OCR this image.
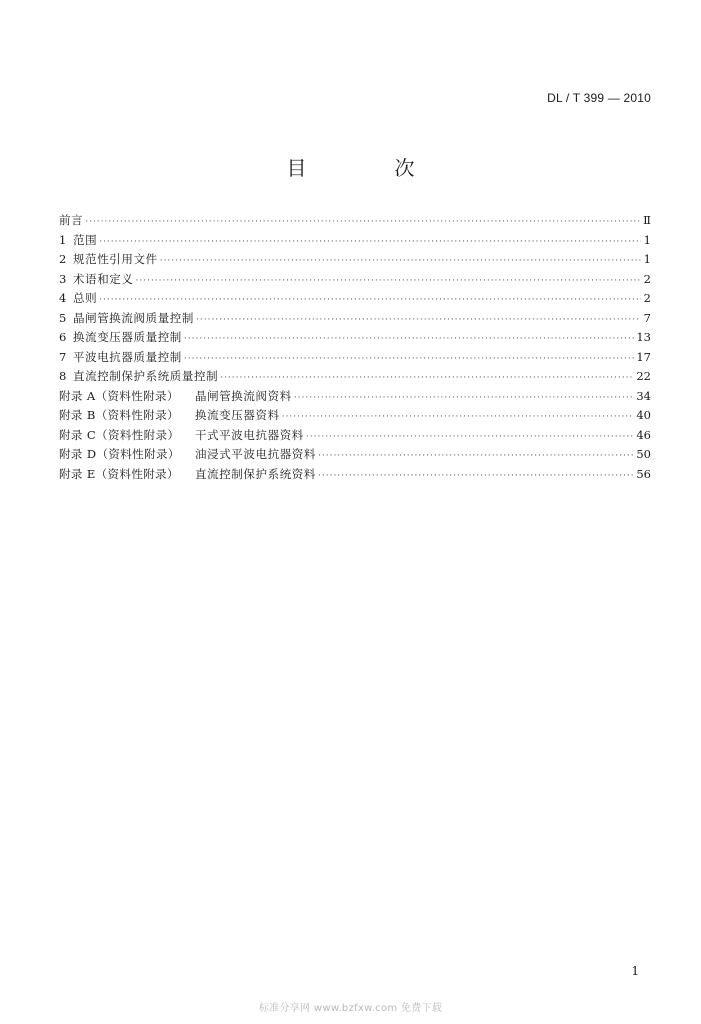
DL / T 399 — 2010
目　次
前言 ·····	Ⅱ
1 范围 ·····	1
2 规范性引用文件 ·····	1
3 术语和定义 ·····	2
4 总则 ·····	2
5 晶闸管换流阀质量控制 ·····	7
6 换流变压器质量控制 ·····	13
7 平波电抗器质量控制 ·····	17
8 直流控制保护系统质量控制 ·····	22
附录 A（资料性附录）	晶闸管换流阀资料 ·····	34
附录 B（资料性附录）	换流变压器资料 ·····	40
附录 C（资料性附录）	干式平波电抗器资料 ·····	46
附录 D（资料性附录）	油浸式平波电抗器资料 ·····	50
附录 E（资料性附录）	直流控制保护系统资料 ·····	56
1
标准分享网 www.bzfxw.com 免费下载
